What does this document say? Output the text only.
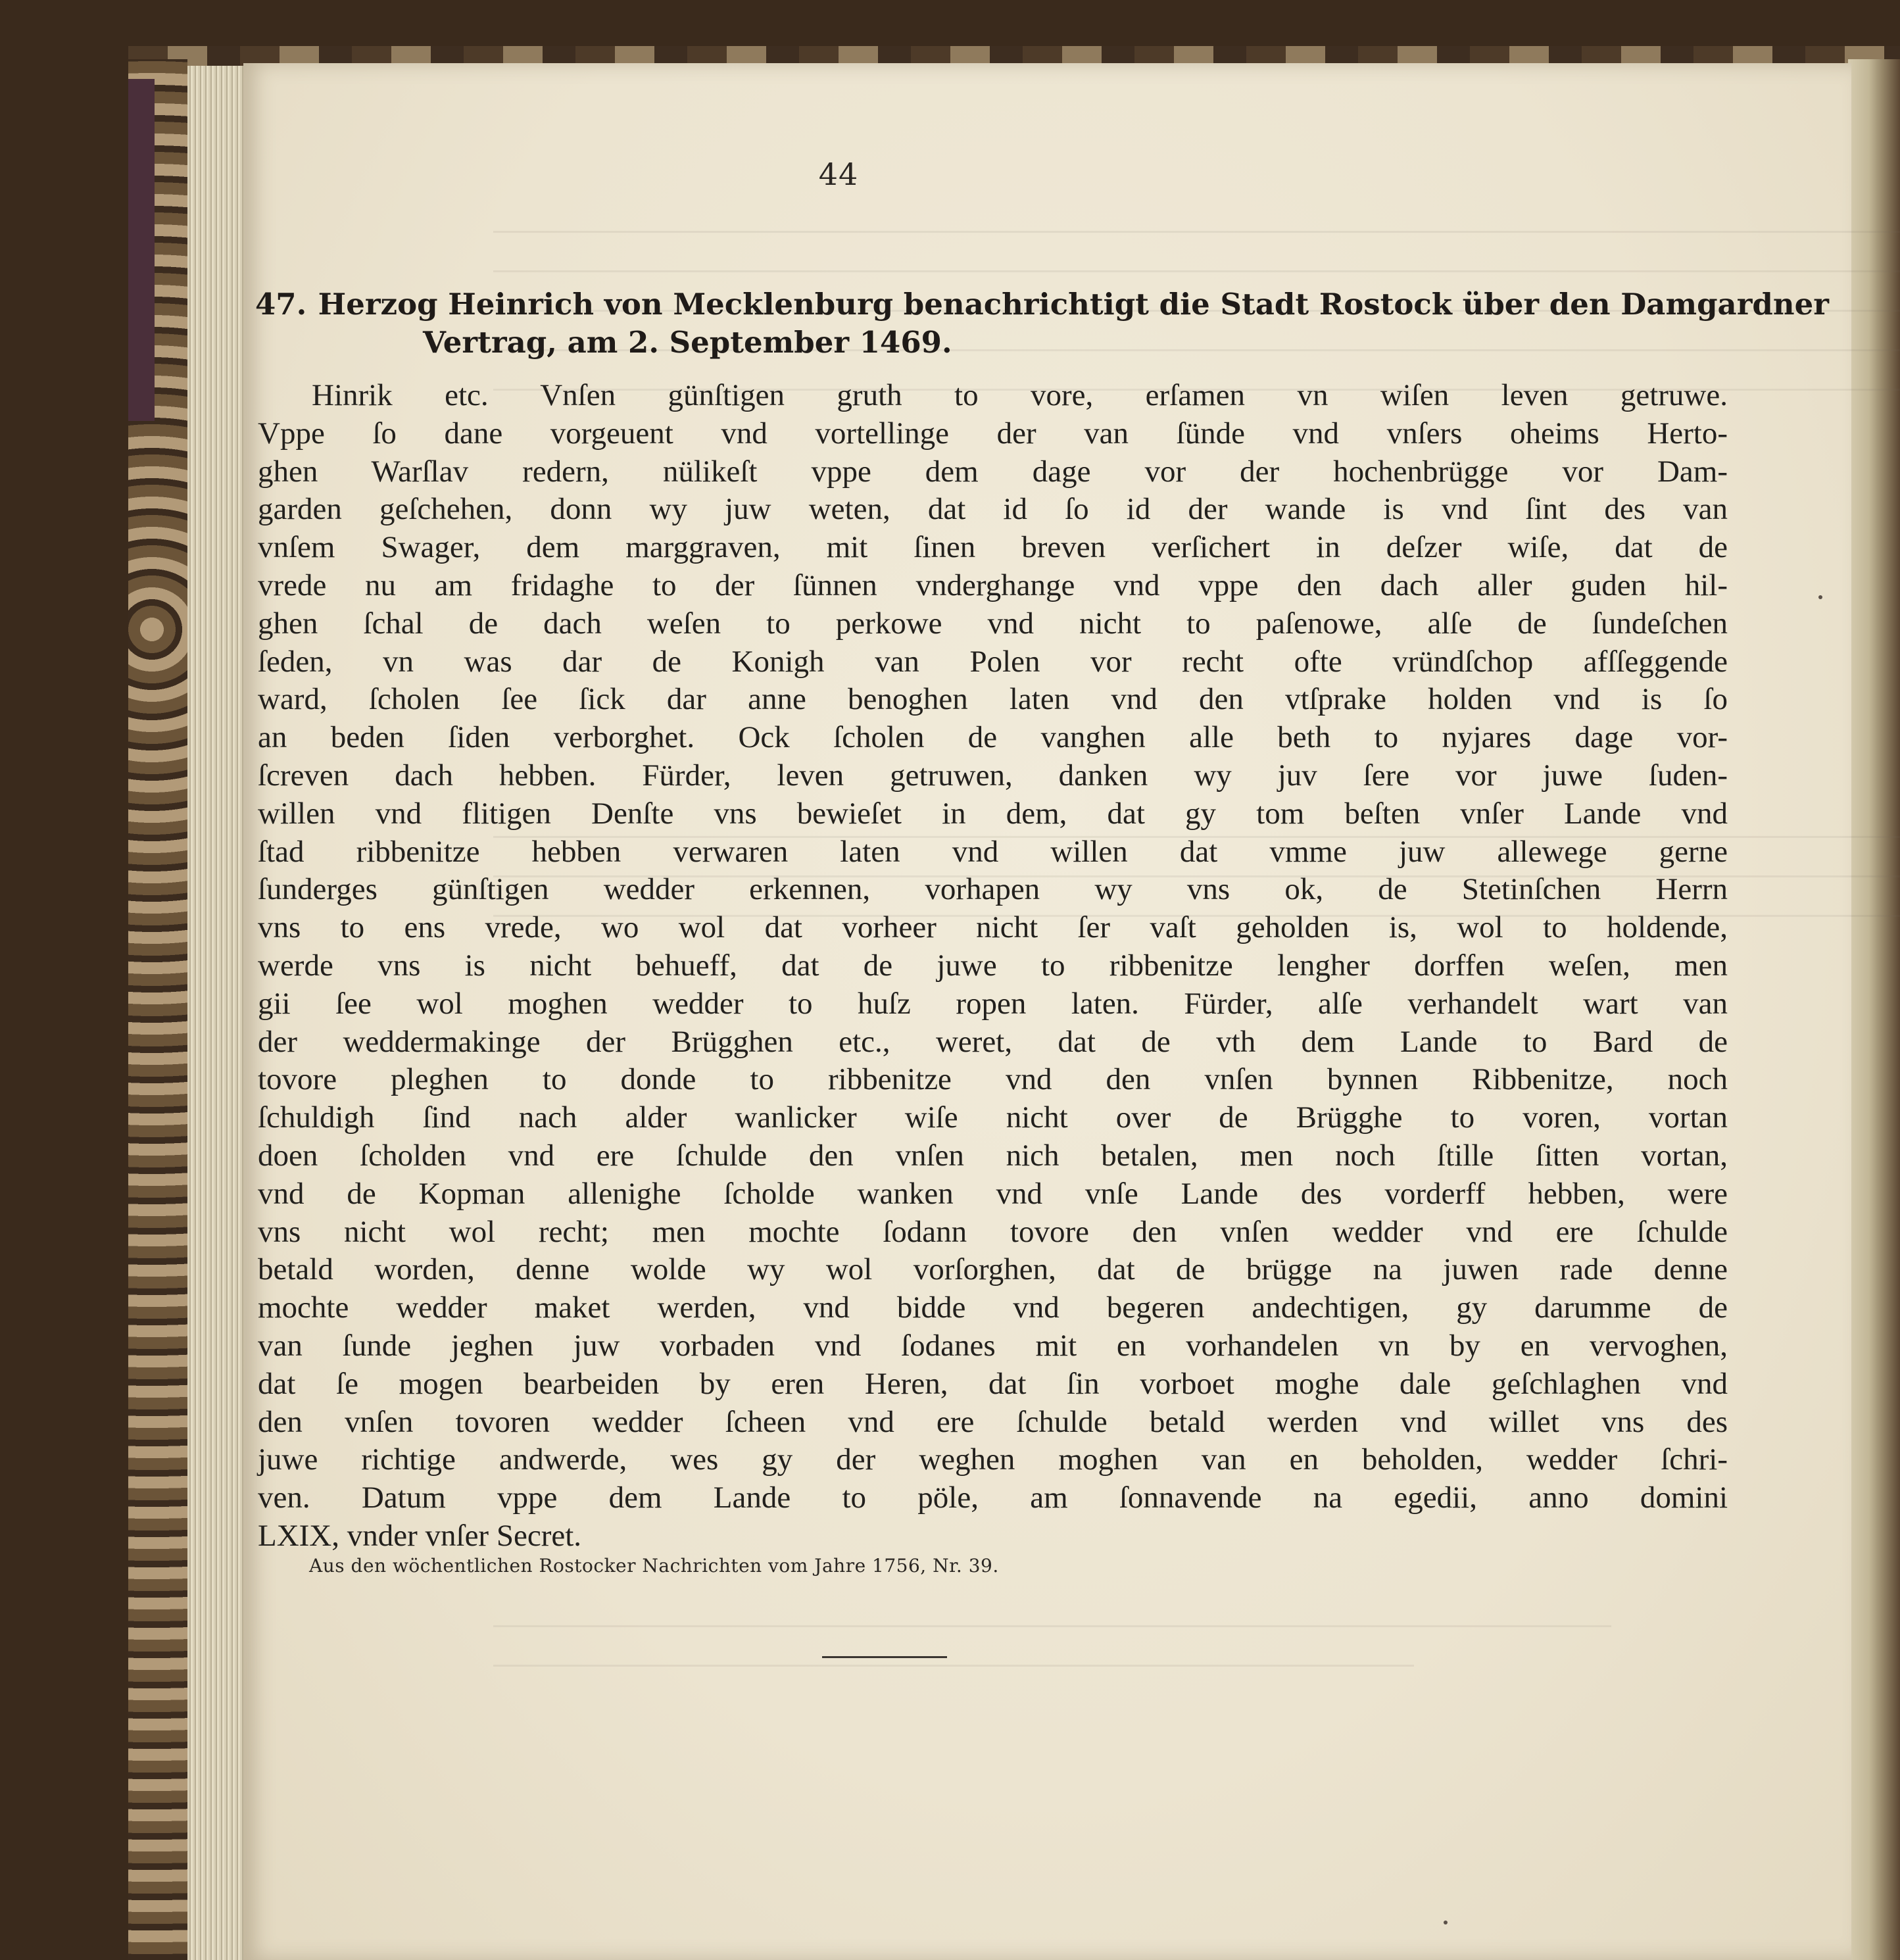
44
47. Herzog Heinrich von Mecklenburg benachrichtigt die Stadt Rostock über den Damgardner
Vertrag, am 2. September 1469.
Hinrik etc. Vnſen günſtigen gruth to vore, erſamen vn wiſen leven getruwe.
Vppe ſo dane vorgeuent vnd vortellinge der van ſünde vnd vnſers oheims Herto-
ghen Warſlav redern, nülikeſt vppe dem dage vor der hochenbrügge vor Dam-
garden geſchehen, donn wy juw weten, dat id ſo id der wande is vnd ſint des van
vnſem Swager, dem marggraven, mit ſinen breven verſichert in deſzer wiſe, dat de
vrede nu am fridaghe to der ſünnen vnderghange vnd vppe den dach aller guden hil-
ghen ſchal de dach weſen to perkowe vnd nicht to paſenowe, alſe de ſundeſchen
ſeden, vn was dar de Konigh van Polen vor recht ofte vründſchop afſſeggende
ward, ſcholen ſee ſick dar anne benoghen laten vnd den vtſprake holden vnd is ſo
an beden ſiden verborghet. Ock ſcholen de vanghen alle beth to nyjares dage vor-
ſcreven dach hebben. Fürder, leven getruwen, danken wy juv ſere vor juwe ſuden-
willen vnd flitigen Denſte vns bewieſet in dem, dat gy tom beſten vnſer Lande vnd
ſtad ribbenitze hebben verwaren laten vnd willen dat vmme juw allewege gerne
ſunderges günſtigen wedder erkennen, vorhapen wy vns ok, de Stetinſchen Herrn
vns to ens vrede, wo wol dat vorheer nicht ſer vaſt geholden is, wol to holdende,
werde vns is nicht behueff, dat de juwe to ribbenitze lengher dorffen weſen, men
gii ſee wol moghen wedder to huſz ropen laten. Fürder, alſe verhandelt wart van
der weddermakinge der Brügghen etc., weret, dat de vth dem Lande to Bard de
tovore pleghen to donde to ribbenitze vnd den vnſen bynnen Ribbenitze, noch
ſchuldigh ſind nach alder wanlicker wiſe nicht over de Brügghe to voren, vortan
doen ſcholden vnd ere ſchulde den vnſen nich betalen, men noch ſtille ſitten vortan,
vnd de Kopman allenighe ſcholde wanken vnd vnſe Lande des vorderff hebben, were
vns nicht wol recht; men mochte ſodann tovore den vnſen wedder vnd ere ſchulde
betald worden, denne wolde wy wol vorſorghen, dat de brügge na juwen rade denne
mochte wedder maket werden, vnd bidde vnd begeren andechtigen, gy darumme de
van ſunde jeghen juw vorbaden vnd ſodanes mit en vorhandelen vn by en vervoghen,
dat ſe mogen bearbeiden by eren Heren, dat ſin vorboet moghe dale geſchlaghen vnd
den vnſen tovoren wedder ſcheen vnd ere ſchulde betald werden vnd willet vns des
juwe richtige andwerde, wes gy der weghen moghen van en beholden, wedder ſchri-
ven. Datum vppe dem Lande to pöle, am ſonnavende na egedii, anno domini
LXIX, vnder vnſer Secret.
Aus den wöchentlichen Rostocker Nachrichten vom Jahre 1756, Nr. 39.
